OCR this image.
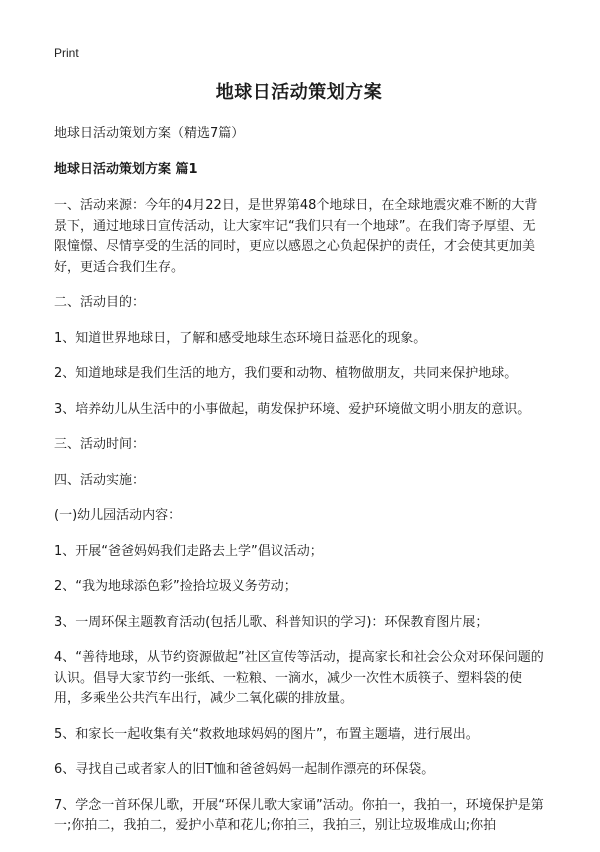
Print
地球日活动策划方案
地球日活动策划方案（精选7篇）
地球日活动策划方案 篇1

一、活动来源：今年的4月22日，是世界第48个地球日，在全球地震灾难不断的大背景下，通过地球日宣传活动，让大家牢记“我们只有一个地球”。在我们寄予厚望、无限憧憬、尽情享受的生活的同时，更应以感恩之心负起保护的责任，才会使其更加美好，更适合我们生存。

二、活动目的：

1、知道世界地球日，了解和感受地球生态环境日益恶化的现象。

2、知道地球是我们生活的地方，我们要和动物、植物做朋友，共同来保护地球。

3、培养幼儿从生活中的小事做起，萌发保护环境、爱护环境做文明小朋友的意识。

三、活动时间：

四、活动实施：

(一)幼儿园活动内容：

1、开展“爸爸妈妈我们走路去上学”倡议活动；

2、“我为地球添色彩”捡拾垃圾义务劳动；

3、一周环保主题教育活动(包括儿歌、科普知识的学习)：环保教育图片展；

4、“善待地球，从节约资源做起”社区宣传等活动，提高家长和社会公众对环保问题的认识。倡导大家节约一张纸、一粒粮、一滴水，减少一次性木质筷子、塑料袋的使用，多乘坐公共汽车出行，减少二氧化碳的排放量。

5、和家长一起收集有关“救救地球妈妈的图片”，布置主题墙，进行展出。

6、寻找自己或者家人的旧T恤和爸爸妈妈一起制作漂亮的环保袋。

7、学念一首环保儿歌，开展“环保儿歌大家诵”活动。你拍一，我拍一，环境保护是第一;你拍二，我拍二，爱护小草和花儿;你拍三，我拍三，别让垃圾堆成山;你拍
